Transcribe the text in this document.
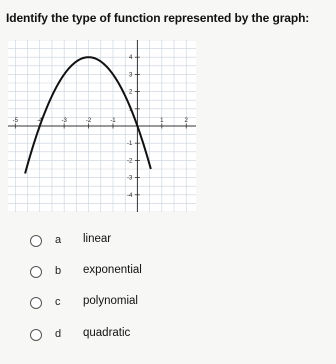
Identify the type of function represented by the graph:
-5	-4	-3	-2	-1	1	2
4
3
2
1
-1
-2
-3
-4
a linear
b exponential
c polynomial
d quadratic
